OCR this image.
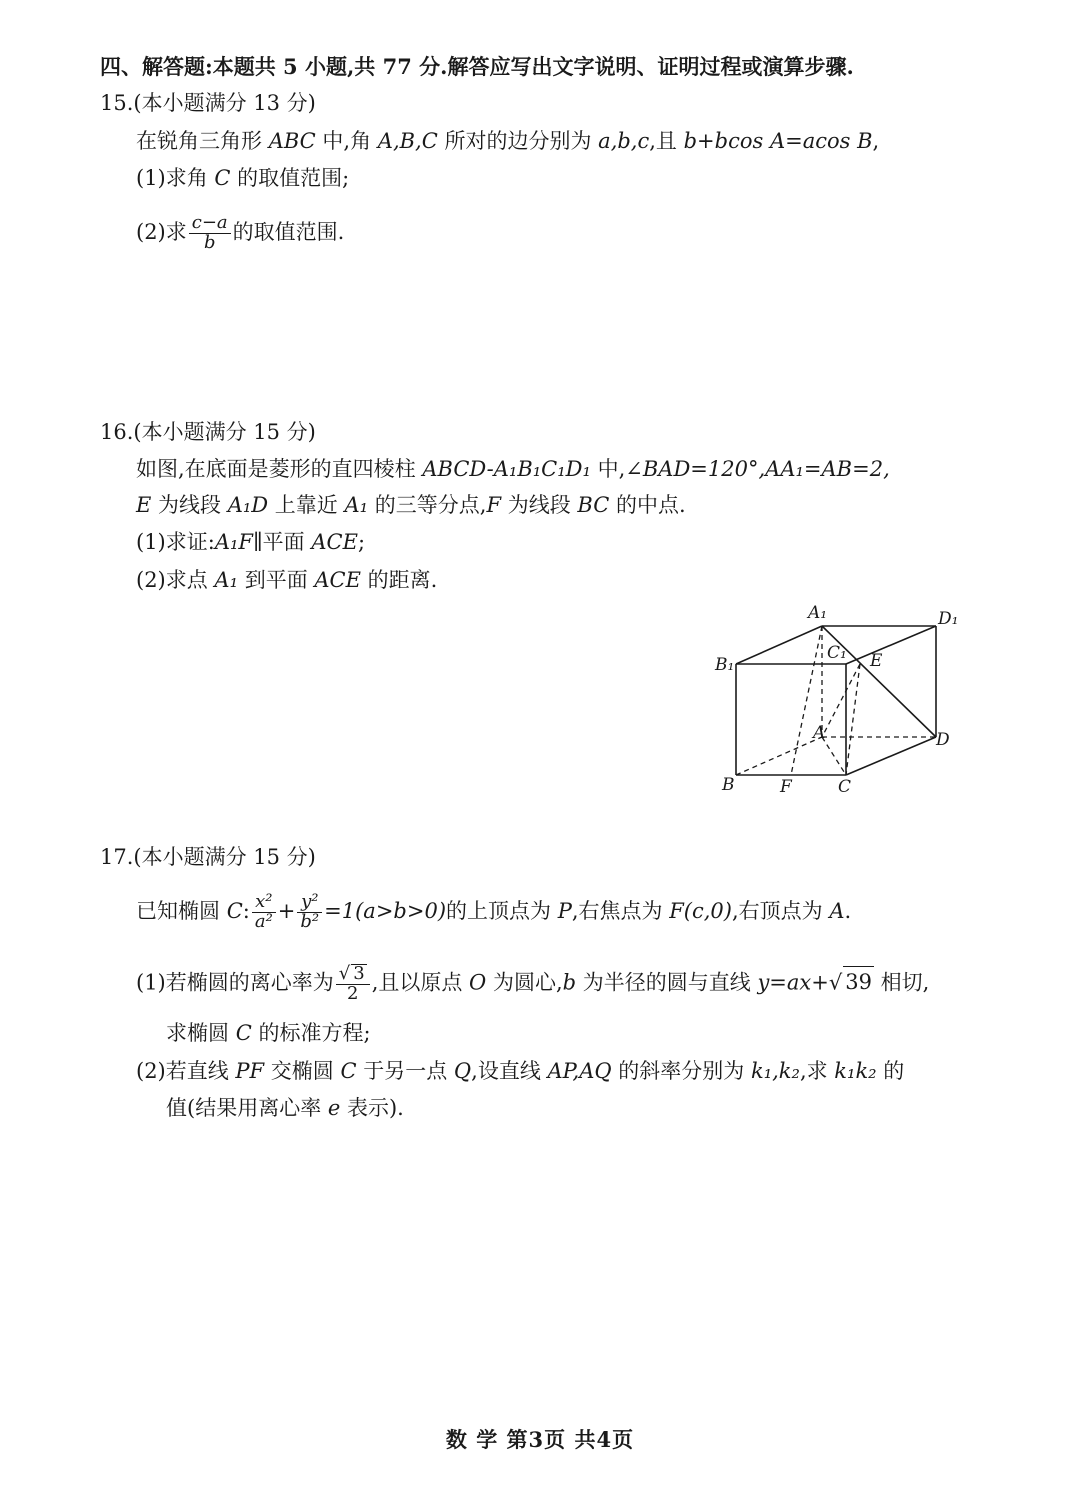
四、解答题:本题共 5 小题,共 77 分.解答应写出文字说明、证明过程或演算步骤.
15.(本小题满分 13 分)
在锐角三角形 ABC 中,角 A,B,C 所对的边分别为 a,b,c,且 b+bcos A=acos B,
(1)求角 C 的取值范围;
(2)求 $\frac{c-a}{b}$ 的取值范围.
16.(本小题满分 15 分)
如图,在底面是菱形的直四棱柱 ABCD-A₁B₁C₁D₁ 中,∠BAD=120°,AA₁=AB=2,
E 为线段 A₁D 上靠近 A₁ 的三等分点,F 为线段 BC 的中点.
(1)求证:A₁F∥平面 ACE;
(2)求点 A₁ 到平面 ACE 的距离.
A₁	D₁
B₁
C₁ E
A	D
B	F	C
17.(本小题满分 15 分)
已知椭圆 C: $\frac{\text{x²}}{\text{a²}} + \frac{\text{y²}}{\text{b²}} =1(a>b>0)$的上顶点为 P,右焦点为 F(c,0),右顶点为 A.
(1)若椭圆的离心率为 $\frac{√ 3}{2}$ ,且以原点 O 为圆心,b 为半径的圆与直线 y=ax+√ 39 相切,
求椭圆 C 的标准方程;
(2)若直线 PF 交椭圆 C 于另一点 Q,设直线 AP,AQ 的斜率分别为 k₁,k₂,求 k₁k₂ 的
值(结果用离心率 e 表示).
数 学 第3页 共4页
